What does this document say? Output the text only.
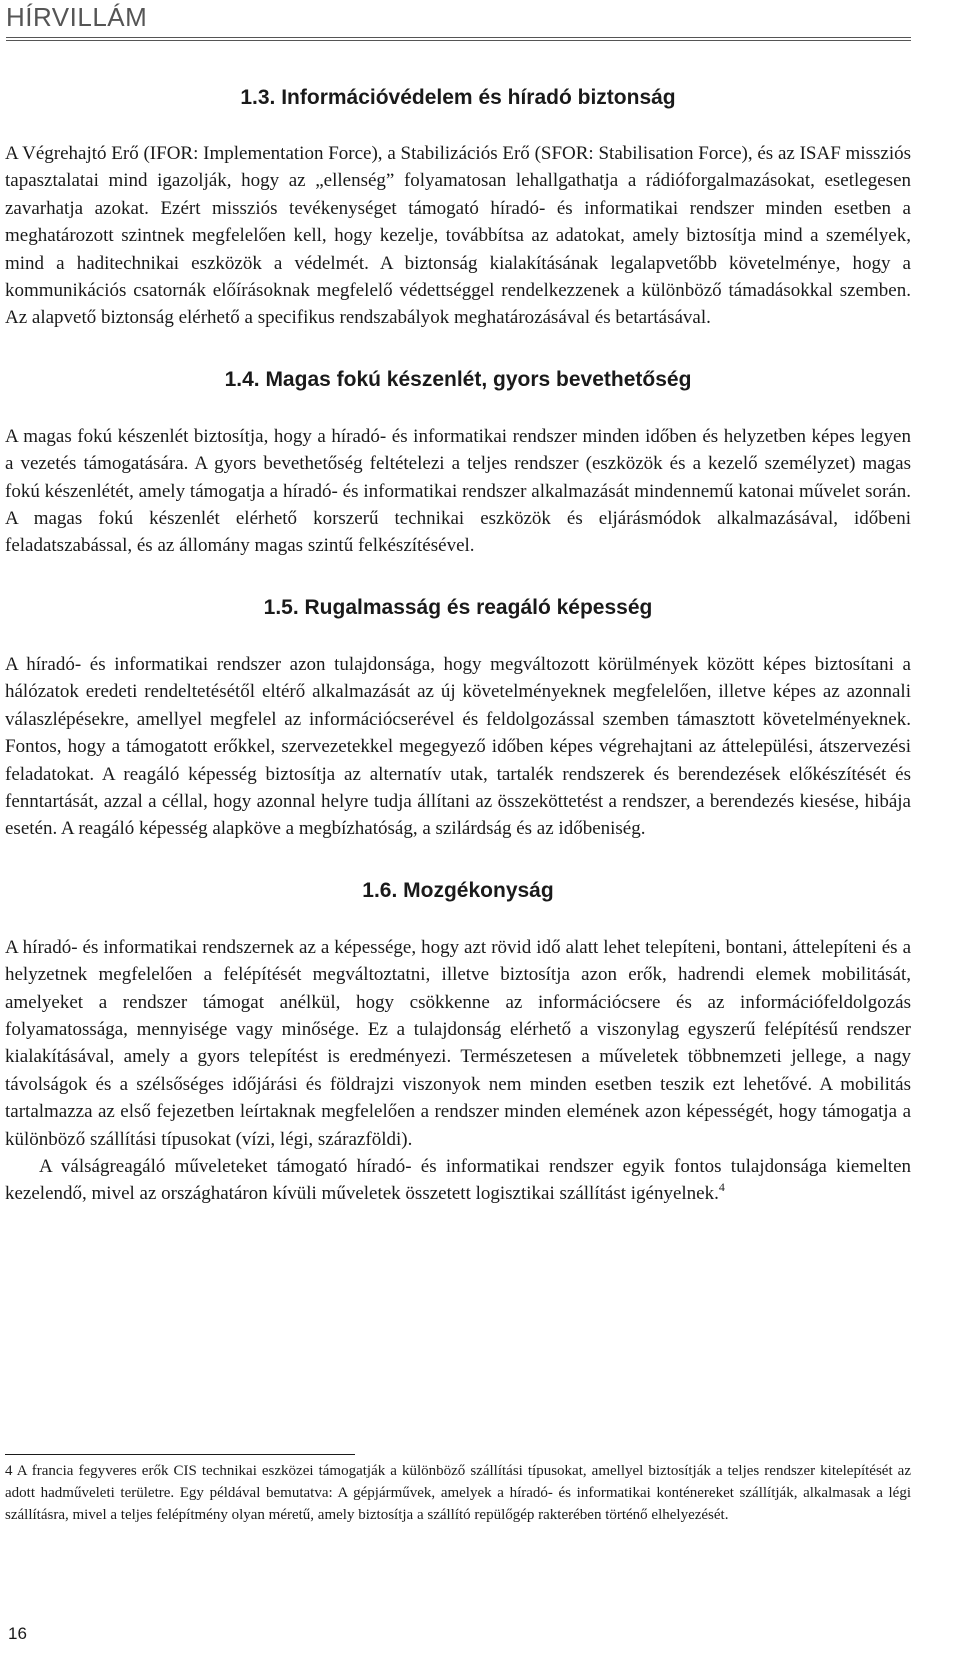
HÍRVILLÁM
1.3. Információvédelem és híradó biztonság

A Végrehajtó Erő (IFOR: Implementation Force), a Stabilizációs Erő (SFOR: Stabilisation Force), és az ISAF missziós tapasztalatai mind igazolják, hogy az „ellenség” folyamatosan lehallgathatja a rádióforgalmazásokat, esetlegesen zavarhatja azokat. Ezért missziós tevékenységet támogató híradó- és informatikai rendszer minden esetben a meghatározott szintnek megfelelően kell, hogy kezelje, továbbítsa az adatokat, amely biztosítja mind a személyek, mind a haditechnikai eszközök a védelmét. A biztonság kialakításának legalapvetőbb követelménye, hogy a kommunikációs csatornák előírásoknak megfelelő védettséggel rendelkezzenek a különböző támadásokkal szemben. Az alapvető biztonság elérhető a specifikus rendszabályok meghatározásával és betartásával.

1.4. Magas fokú készenlét, gyors bevethetőség

A magas fokú készenlét biztosítja, hogy a híradó- és informatikai rendszer minden időben és helyzetben képes legyen a vezetés támogatására. A gyors bevethetőség feltételezi a teljes rendszer (eszközök és a kezelő személyzet) magas fokú készenlétét, amely támogatja a híradó- és informatikai rendszer alkalmazását mindennemű katonai művelet során. A magas fokú készenlét elérhető korszerű technikai eszközök és eljárásmódok alkalmazásával, időbeni feladatszabással, és az állomány magas szintű felkészítésével.

1.5. Rugalmasság és reagáló képesség

A híradó- és informatikai rendszer azon tulajdonsága, hogy megváltozott körülmények között képes biztosítani a hálózatok eredeti rendeltetésétől eltérő alkalmazását az új követelményeknek megfelelően, illetve képes az azonnali válaszlépésekre, amellyel megfelel az információcserével és feldolgozással szemben támasztott követelményeknek. Fontos, hogy a támogatott erőkkel, szervezetekkel megegyező időben képes végrehajtani az áttelepülési, átszervezési feladatokat. A reagáló képesség biztosítja az alternatív utak, tartalék rendszerek és berendezések előkészítését és fenntartását, azzal a céllal, hogy azonnal helyre tudja állítani az összeköttetést a rendszer, a berendezés kiesése, hibája esetén. A reagáló képesség alapköve a megbízhatóság, a szilárdság és az időbeniség.

1.6. Mozgékonyság

A híradó- és informatikai rendszernek az a képessége, hogy azt rövid idő alatt lehet telepíteni, bontani, áttelepíteni és a helyzetnek megfelelően a felépítését megváltoztatni, illetve biztosítja azon erők, hadrendi elemek mobilitását, amelyeket a rendszer támogat anélkül, hogy csökkenne az információcsere és az információfeldolgozás folyamatossága, mennyisége vagy minősége. Ez a tulajdonság elérhető a viszonylag egyszerű felépítésű rendszer kialakításával, amely a gyors telepítést is eredményezi. Természetesen a műveletek többnemzeti jellege, a nagy távolságok és a szélsőséges időjárási és földrajzi viszonyok nem minden esetben teszik ezt lehetővé. A mobilitás tartalmazza az első fejezetben leírtaknak megfelelően a rendszer minden elemének azon képességét, hogy támogatja a különböző szállítási típusokat (vízi, légi, szárazföldi).

A válságreagáló műveleteket támogató híradó- és informatikai rendszer egyik fontos tulajdonsága kiemelten kezelendő, mivel az országhatáron kívüli műveletek összetett logisztikai szállítást igényelnek.$^4$

4 A francia fegyveres erők CIS technikai eszközei támogatják a különböző szállítási típusokat, amellyel biztosítják a teljes rendszer kitelepítését az adott hadműveleti területre. Egy példával bemutatva: A gépjárművek, amelyek a híradó- és informatikai konténereket szállítják, alkalmasak a légi szállításra, mivel a teljes felépítmény olyan méretű, amely biztosítja a szállító repülőgép rakterében történő elhelyezését.
16
